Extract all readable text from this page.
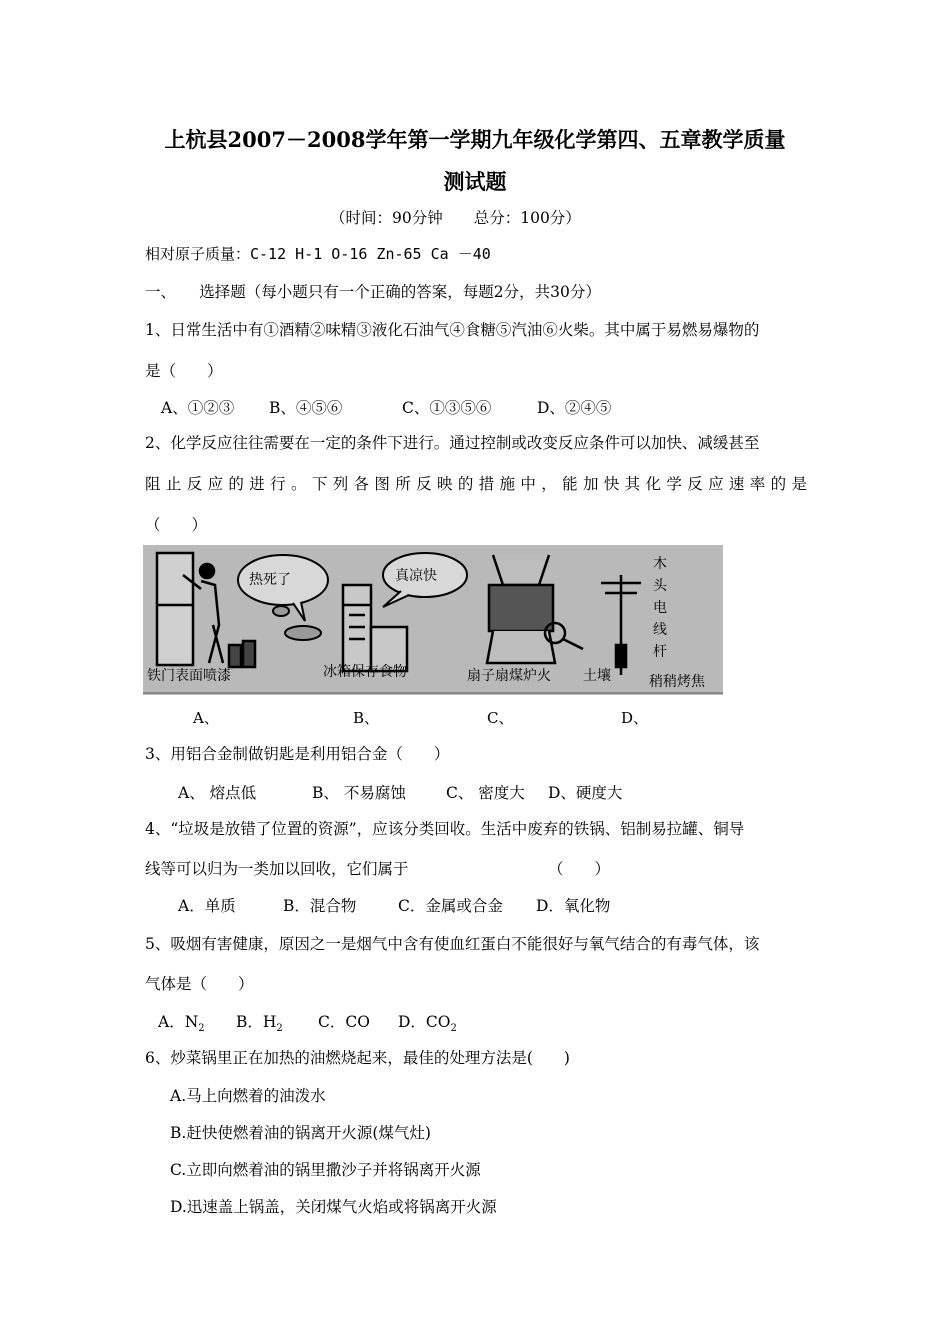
上杭县2007－2008学年第一学期九年级化学第四、五章教学质量
测试题
（时间：90分钟　　总分：100分）
相对原子质量：C-12 H-1 O-16 Zn-65 Ca －40
一、　　选择题（每小题只有一个正确的答案，每题2分，共30分）
1、日常生活中有①酒精②味精③液化石油气④食糖⑤汽油⑥火柴。其中属于易燃易爆物的
是（　　）
A、①②③ B、④⑤⑥	C、①③⑤⑥	D、②④⑤
2、化学反应往往需要在一定的条件下进行。通过控制或改变反应条件可以加快、减缓甚至
阻止反应的进行。下列各图所反映的措施中，能加快其化学反应速率的是
（　　）
热死了	真凉快
铁门表面喷漆	冰箱保存食物	扇子扇煤炉火 土壤	稍稍烤焦
木
头
电
线
杆
A、	B、	C、	D、
3、用铝合金制做钥匙是利用铝合金（　　）
A、 熔点低	B、 不易腐蚀	C、 密度大 D、硬度大
4、“垃圾是放错了位置的资源”，应该分类回收。生活中废弃的铁锅、铝制易拉罐、铜导
线等可以归为一类加以回收，它们属于	（　　）
A．单质	B．混合物	C．金属或合金 D．氧化物
5、吸烟有害健康，原因之一是烟气中含有使血红蛋白不能很好与氧气结合的有毒气体，该
气体是（　　）
A．$N_2$ B．$H_2$ C．CO D．$CO_2$
6、炒菜锅里正在加热的油燃烧起来，最佳的处理方法是(　　)
A.马上向燃着的油泼水
B.赶快使燃着油的锅离开火源(煤气灶)
C.立即向燃着油的锅里撒沙子并将锅离开火源
D.迅速盖上锅盖，关闭煤气火焰或将锅离开火源
